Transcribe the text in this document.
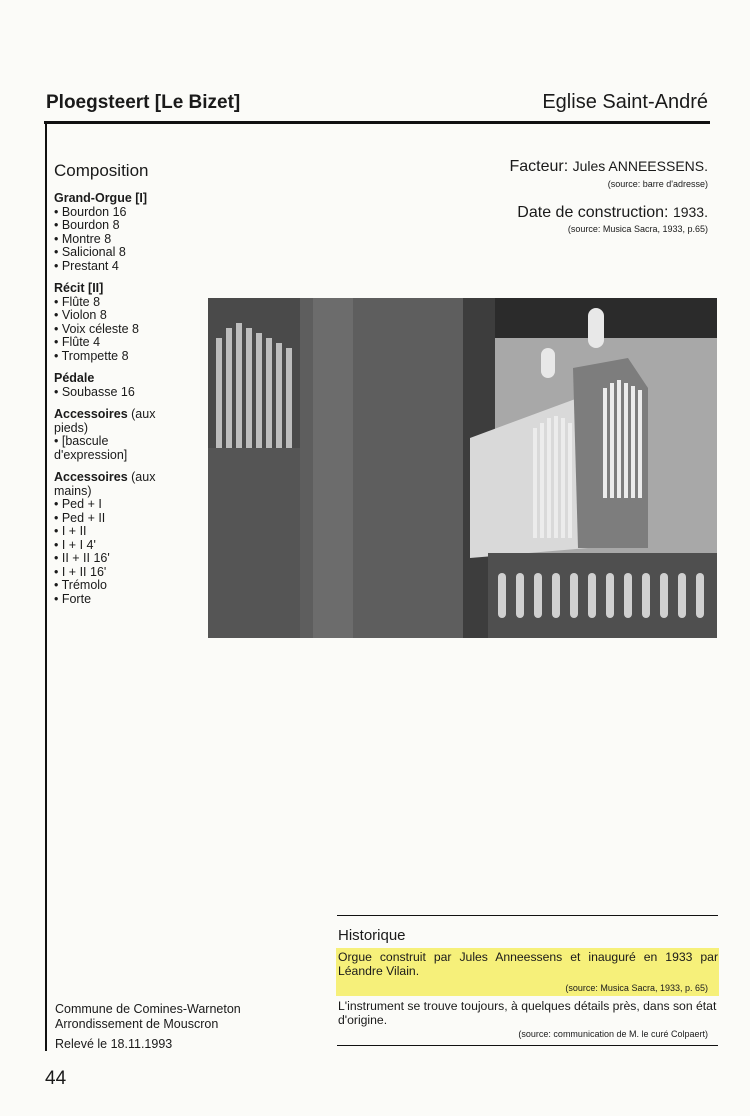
Ploegsteert [Le Bizet]	Eglise Saint-André
Composition
Grand-Orgue [I]
• Bourdon 16
• Bourdon 8
• Montre 8
• Salicional 8
• Prestant 4
Récit [II]
• Flûte 8
• Violon 8
• Voix céleste 8
• Flûte 4
• Trompette 8
Pédale
• Soubasse 16
Accessoires (aux pieds)
• [bascule d'expression]
Accessoires (aux mains)
• Ped + I
• Ped + II
• I + II
• I + I 4'
• II + II 16'
• I + II 16'
• Trémolo
• Forte
Facteur: Jules ANNEESSENS.
(source: barre d'adresse)
Date de construction: 1933.
(source: Musica Sacra, 1933, p.65)
Historique
Orgue construit par Jules Anneessens et inauguré en 1933 par Léandre Vilain.
(source: Musica Sacra, 1933, p. 65)
L'instrument se trouve toujours, à quelques détails près, dans son état d'origine.
(source: communication de M. le curé Colpaert)
Commune de Comines-Warneton
Arrondissement de Mouscron
Relevé le 18.11.1993
44
